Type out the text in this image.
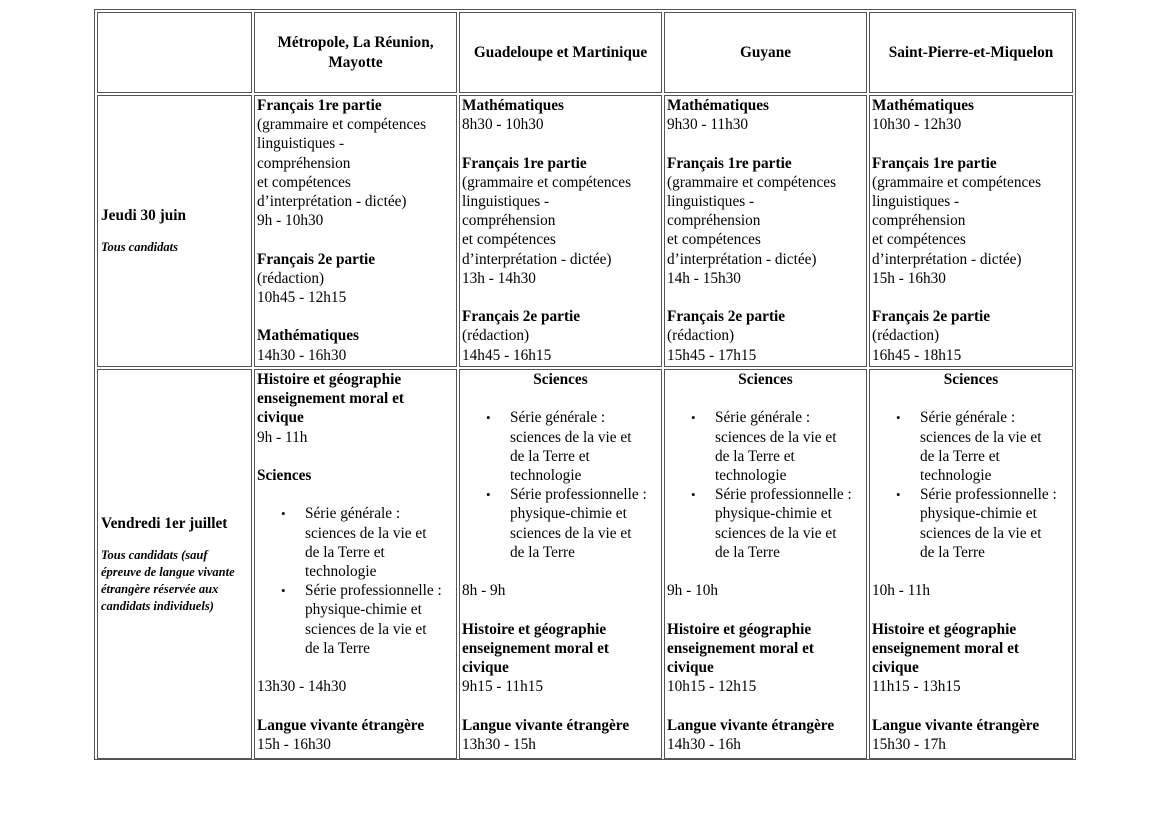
Métropole, La Réunion, Mayotte
Guadeloupe et Martinique	Guyane	Saint-Pierre-et-Miquelon
Jeudi 30 juin
Tous candidats
Français 1re partie
(grammaire et compétences
linguistiques -
compréhension
et compétences
d’interprétation - dictée)
9h - 10h30
Français 2e partie
(rédaction)
10h45 - 12h15
Mathématiques
14h30 - 16h30
Mathématiques
8h30 - 10h30
Français 1re partie
(grammaire et compétences
linguistiques -
compréhension
et compétences
d’interprétation - dictée)
13h - 14h30
Français 2e partie
(rédaction)
14h45 - 16h15
Mathématiques
9h30 - 11h30
Français 1re partie
(grammaire et compétences
linguistiques -
compréhension
et compétences
d’interprétation - dictée)
14h - 15h30
Français 2e partie
(rédaction)
15h45 - 17h15
Mathématiques
10h30 - 12h30
Français 1re partie
(grammaire et compétences
linguistiques -
compréhension
et compétences
d’interprétation - dictée)
15h - 16h30
Français 2e partie
(rédaction)
16h45 - 18h15
Vendredi 1er juillet
Tous candidats (sauf épreuve de langue vivante étrangère réservée aux candidats individuels)
Histoire et géographie
enseignement moral et
civique
9h - 11h
Sciences
• Série générale :
sciences de la vie et
de la Terre et
technologie
• Série professionnelle :
physique-chimie et
sciences de la vie et
de la Terre
13h30 - 14h30
Langue vivante étrangère
15h - 16h30
Sciences
• Série générale :
sciences de la vie et
de la Terre et
technologie
• Série professionnelle :
physique-chimie et
sciences de la vie et
de la Terre
8h - 9h
Histoire et géographie
enseignement moral et
civique
9h15 - 11h15
Langue vivante étrangère
13h30 - 15h
Sciences
• Série générale :
sciences de la vie et
de la Terre et
technologie
• Série professionnelle :
physique-chimie et
sciences de la vie et
de la Terre
9h - 10h
Histoire et géographie
enseignement moral et
civique
10h15 - 12h15
Langue vivante étrangère
14h30 - 16h
Sciences
• Série générale :
sciences de la vie et
de la Terre et
technologie
• Série professionnelle :
physique-chimie et
sciences de la vie et
de la Terre
10h - 11h
Histoire et géographie
enseignement moral et
civique
11h15 - 13h15
Langue vivante étrangère
15h30 - 17h
